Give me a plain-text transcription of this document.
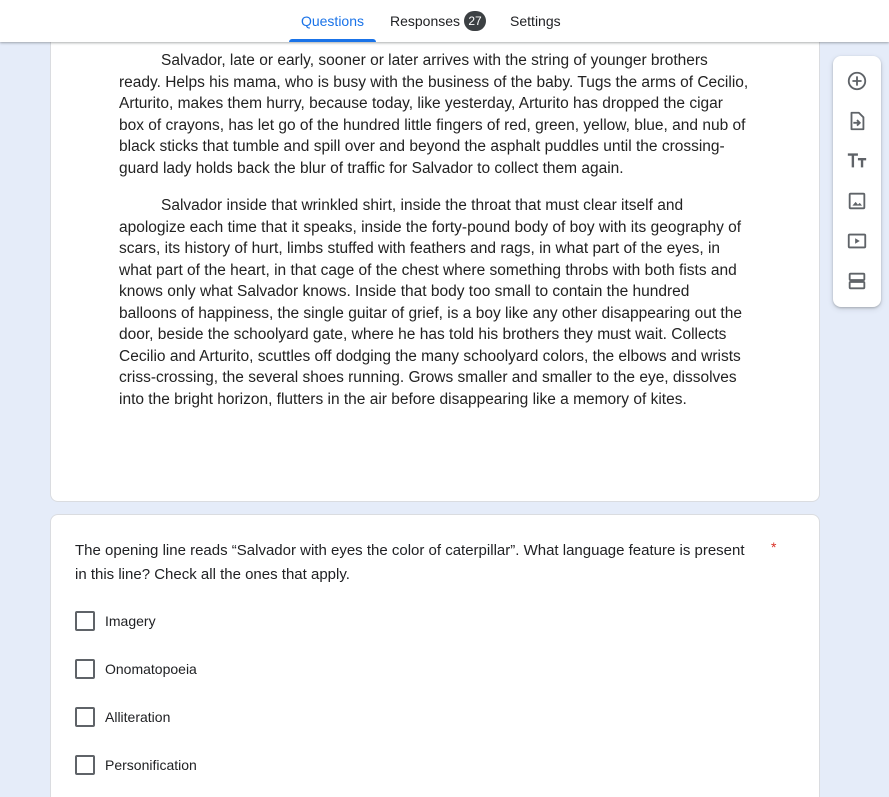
Questions Responses 27	Settings

Salvador, late or early, sooner or later arrives with the string of younger brothers ready. Helps his mama, who is busy with the business of the baby. Tugs the arms of Cecilio, Arturito, makes them hurry, because today, like yesterday, Arturito has dropped the cigar box of crayons, has let go of the hundred little fingers of red, green, yellow, blue, and nub of black sticks that tumble and spill over and beyond the asphalt puddles until the crossing-guard lady holds back the blur of traffic for Salvador to collect them again.

Salvador inside that wrinkled shirt, inside the throat that must clear itself and apologize each time that it speaks, inside the forty-pound body of boy with its geography of scars, its history of hurt, limbs stuffed with feathers and rags, in what part of the eyes, in what part of the heart, in that cage of the chest where something throbs with both fists and knows only what Salvador knows. Inside that body too small to contain the hundred balloons of happiness, the single guitar of grief, is a boy like any other disappearing out the door, beside the schoolyard gate, where he has told his brothers they must wait. Collects Cecilio and Arturito, scuttles off dodging the many schoolyard colors, the elbows and wrists criss-crossing, the several shoes running. Grows smaller and smaller to the eye, dissolves into the bright horizon, flutters in the air before disappearing like a memory of kites.

The opening line reads “Salvador with eyes the color of caterpillar”. What language feature is present in this line? Check all the ones that apply.
*
Imagery
Onomatopoeia
Alliteration
Personification
